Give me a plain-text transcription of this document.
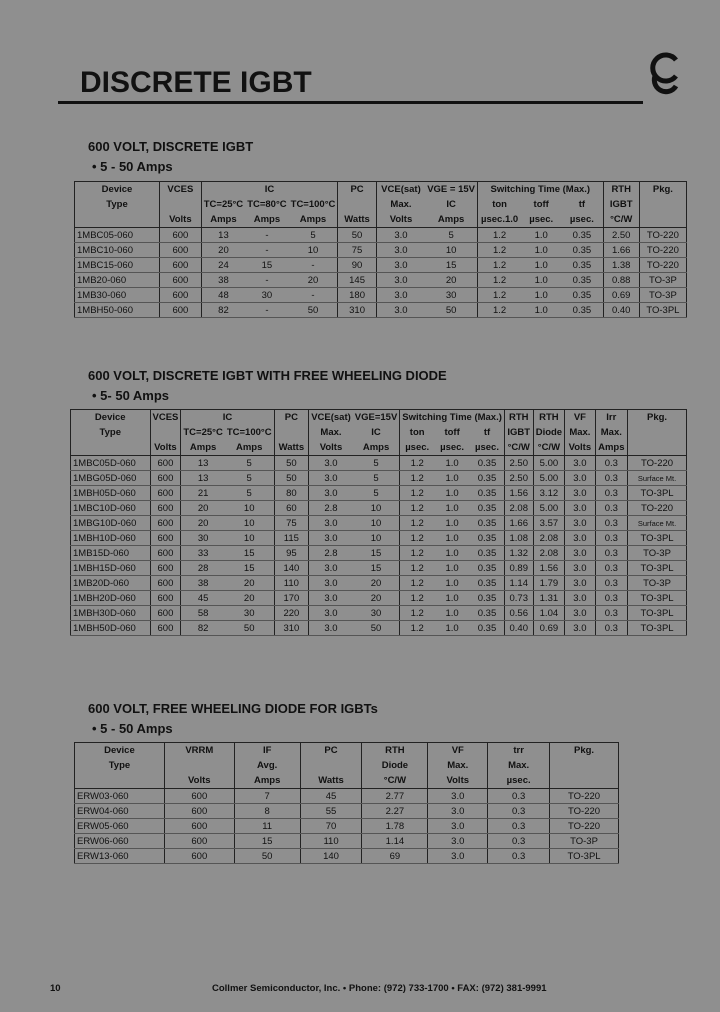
DISCRETE IGBT
600 VOLT, DISCRETE IGBT
• 5 - 50 Amps
Device	VCES	IC			PC	VCE(sat)	VGE = 15V	Switching Time (Max.)			RTH	Pkg.
Type		TC=25°C	TC=80°C	TC=100°C		Max.	IC	ton	toff	tf	IGBT	
	Volts	Amps	Amps	Amps	Watts	Volts	Amps	µsec.1.0	µsec.	µsec.	°C/W	
1MBC05-060	600	13	-	5	50	3.0	5	1.2	1.0	0.35	2.50	TO-220
1MBC10-060	600	20	-	10	75	3.0	10	1.2	1.0	0.35	1.66	TO-220
1MBC15-060	600	24	15	-	90	3.0	15	1.2	1.0	0.35	1.38	TO-220
1MB20-060	600	38	-	20	145	3.0	20	1.2	1.0	0.35	0.88	TO-3P
1MB30-060	600	48	30	-	180	3.0	30	1.2	1.0	0.35	0.69	TO-3P
1MBH50-060	600	82	-	50	310	3.0	50	1.2	1.0	0.35	0.40	TO-3PL
600 VOLT, DISCRETE IGBT WITH FREE WHEELING DIODE
• 5- 50 Amps
Device	VCES	IC		PC	VCE(sat)	VGE=15V	Switching Time (Max.)			RTH	RTH	VF	Irr	Pkg.
Type		TC=25°C	TC=100°C		Max.	IC	ton	toff	tf	IGBT	Diode	Max.	Max.	
	Volts	Amps	Amps	Watts	Volts	Amps	µsec.	µsec.	µsec.	°C/W	°C/W	Volts	Amps	
1MBC05D-060	600	13	5	50	3.0	5	1.2	1.0	0.35	2.50	5.00	3.0	0.3	TO-220
1MBG05D-060	600	13	5	50	3.0	5	1.2	1.0	0.35	2.50	5.00	3.0	0.3	Surface Mt.
1MBH05D-060	600	21	5	80	3.0	5	1.2	1.0	0.35	1.56	3.12	3.0	0.3	TO-3PL
1MBC10D-060	600	20	10	60	2.8	10	1.2	1.0	0.35	2.08	5.00	3.0	0.3	TO-220
1MBG10D-060	600	20	10	75	3.0	10	1.2	1.0	0.35	1.66	3.57	3.0	0.3	Surface Mt.
1MBH10D-060	600	30	10	115	3.0	10	1.2	1.0	0.35	1.08	2.08	3.0	0.3	TO-3PL
1MB15D-060	600	33	15	95	2.8	15	1.2	1.0	0.35	1.32	2.08	3.0	0.3	TO-3P
1MBH15D-060	600	28	15	140	3.0	15	1.2	1.0	0.35	0.89	1.56	3.0	0.3	TO-3PL
1MB20D-060	600	38	20	110	3.0	20	1.2	1.0	0.35	1.14	1.79	3.0	0.3	TO-3P
1MBH20D-060	600	45	20	170	3.0	20	1.2	1.0	0.35	0.73	1.31	3.0	0.3	TO-3PL
1MBH30D-060	600	58	30	220	3.0	30	1.2	1.0	0.35	0.56	1.04	3.0	0.3	TO-3PL
1MBH50D-060	600	82	50	310	3.0	50	1.2	1.0	0.35	0.40	0.69	3.0	0.3	TO-3PL
600 VOLT, FREE WHEELING DIODE FOR IGBTs
• 5 - 50 Amps
Device	VRRM	IF	PC	RTH	VF	trr	Pkg.
Type		Avg.		Diode	Max.	Max.	
	Volts	Amps	Watts	°C/W	Volts	µsec.	
ERW03-060	600	7	45	2.77	3.0	0.3	TO-220
ERW04-060	600	8	55	2.27	3.0	0.3	TO-220
ERW05-060	600	11	70	1.78	3.0	0.3	TO-220
ERW06-060	600	15	110	1.14	3.0	0.3	TO-3P
ERW13-060	600	50	140	69	3.0	0.3	TO-3PL
10	Collmer Semiconductor, Inc. • Phone: (972) 733-1700 • FAX: (972) 381-9991
